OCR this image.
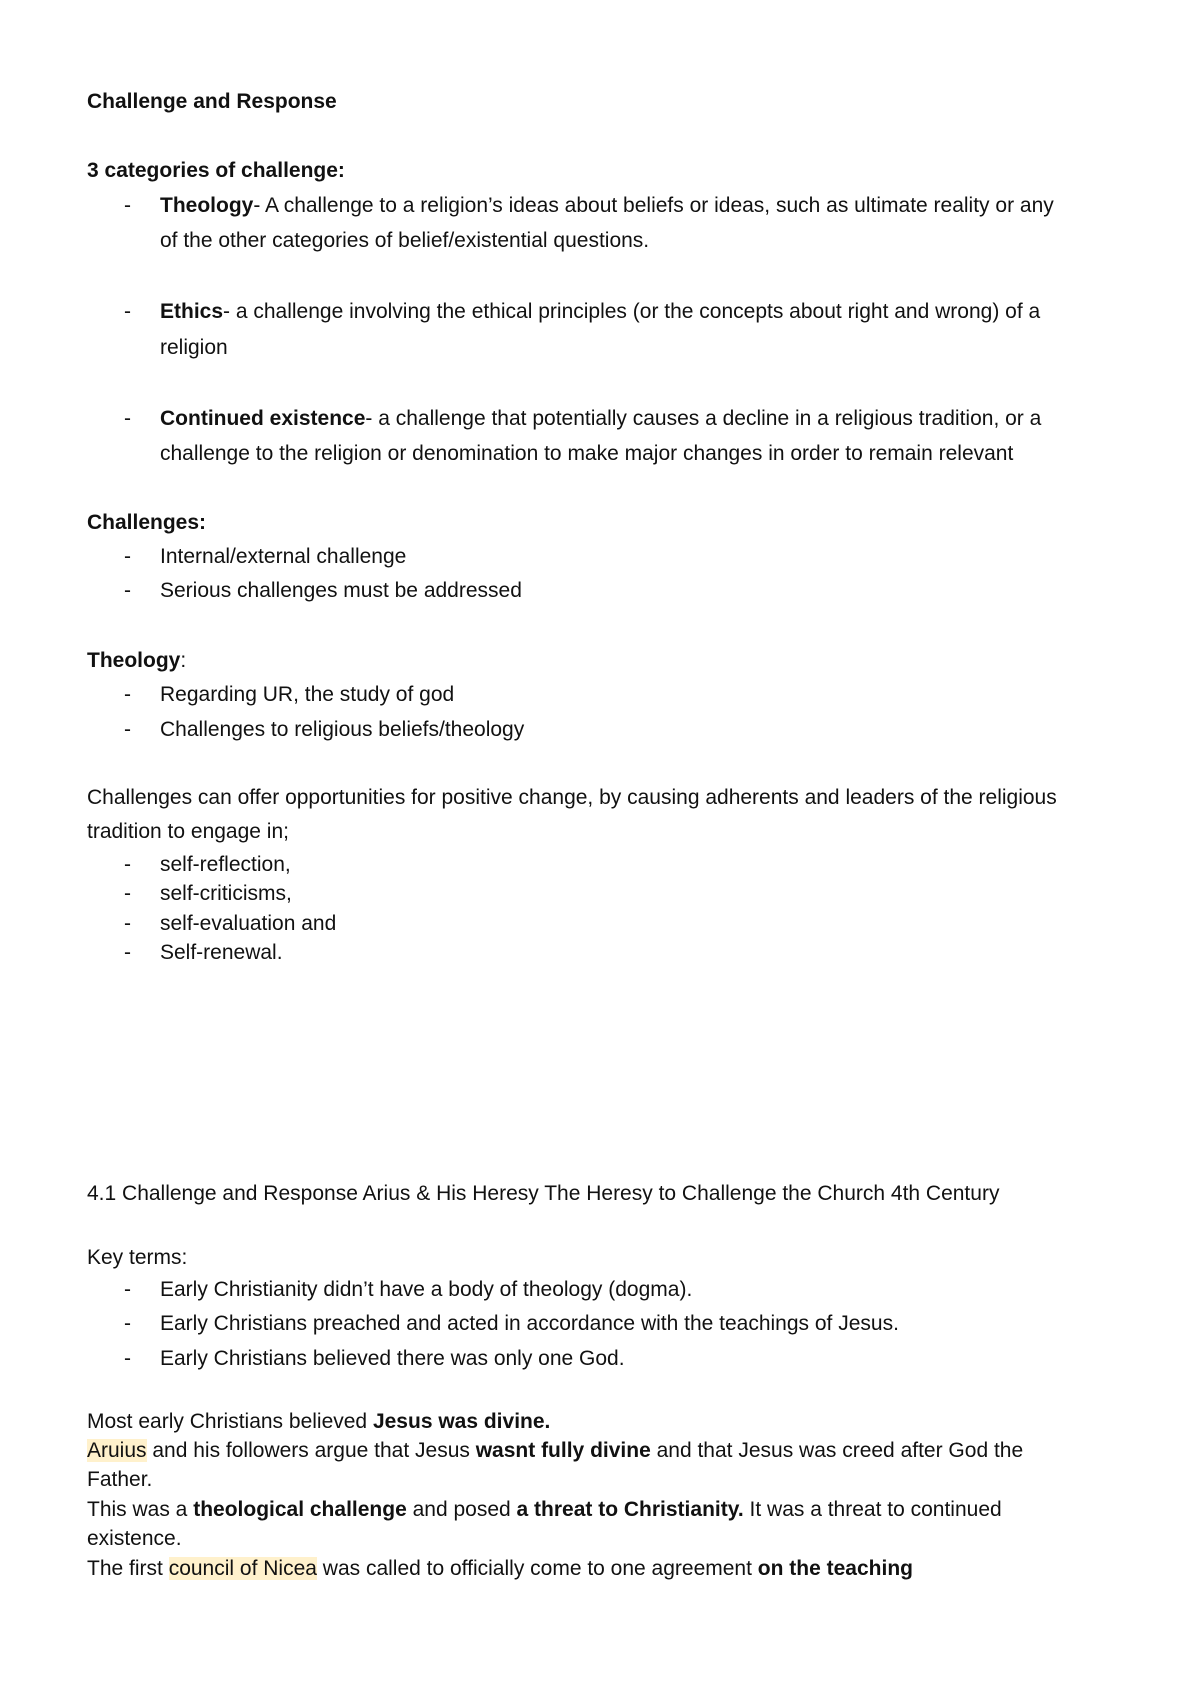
Challenge and Response
3 categories of challenge:
- Theology- A challenge to a religion’s ideas about beliefs or ideas, such as ultimate reality or any
of the other categories of belief/existential questions.
- Ethics- a challenge involving the ethical principles (or the concepts about right and wrong) of a
religion
- Continued existence- a challenge that potentially causes a decline in a religious tradition, or a
challenge to the religion or denomination to make major changes in order to remain relevant
Challenges:
- Internal/external challenge
- Serious challenges must be addressed
Theology:
- Regarding UR, the study of god
- Challenges to religious beliefs/theology
Challenges can offer opportunities for positive change, by causing adherents and leaders of the religious
tradition to engage in;
- self-reflection,
- self-criticisms,
- self-evaluation and
- Self-renewal.
4.1 Challenge and Response Arius & His Heresy The Heresy to Challenge the Church 4th Century
Key terms:
- Early Christianity didn’t have a body of theology (dogma).
- Early Christians preached and acted in accordance with the teachings of Jesus.
- Early Christians believed there was only one God.
Most early Christians believed Jesus was divine.
Aruius and his followers argue that Jesus wasnt fully divine and that Jesus was creed after God the
Father.
This was a theological challenge and posed a threat to Christianity. It was a threat to continued
existence.
The first council of Nicea was called to officially come to one agreement on the teaching
